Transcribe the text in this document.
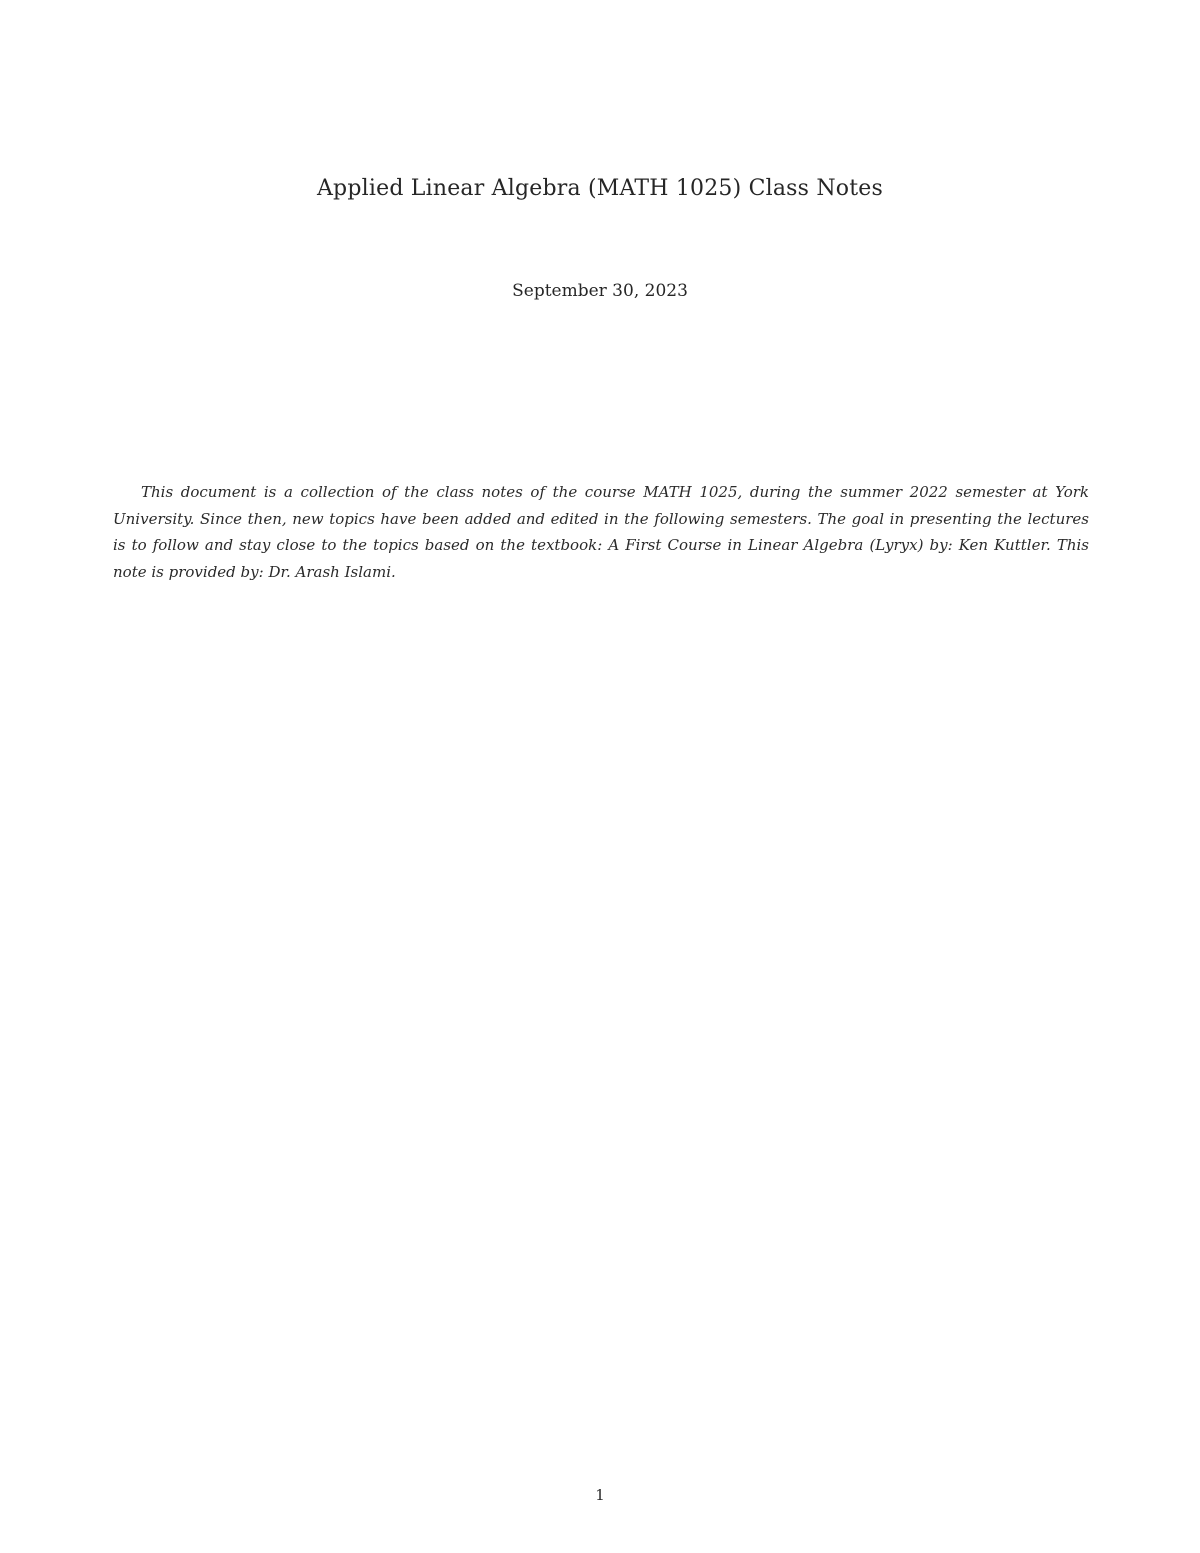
Applied Linear Algebra (MATH 1025) Class Notes
September 30, 2023

This document is a collection of the class notes of the course MATH 1025, during the summer 2022 semester at York University. Since then, new topics have been added and edited in the following semesters. The goal in presenting the lectures is to follow and stay close to the topics based on the textbook: A First Course in Linear Algebra (Lyryx) by: Ken Kuttler. This note is provided by: Dr. Arash Islami.

1
